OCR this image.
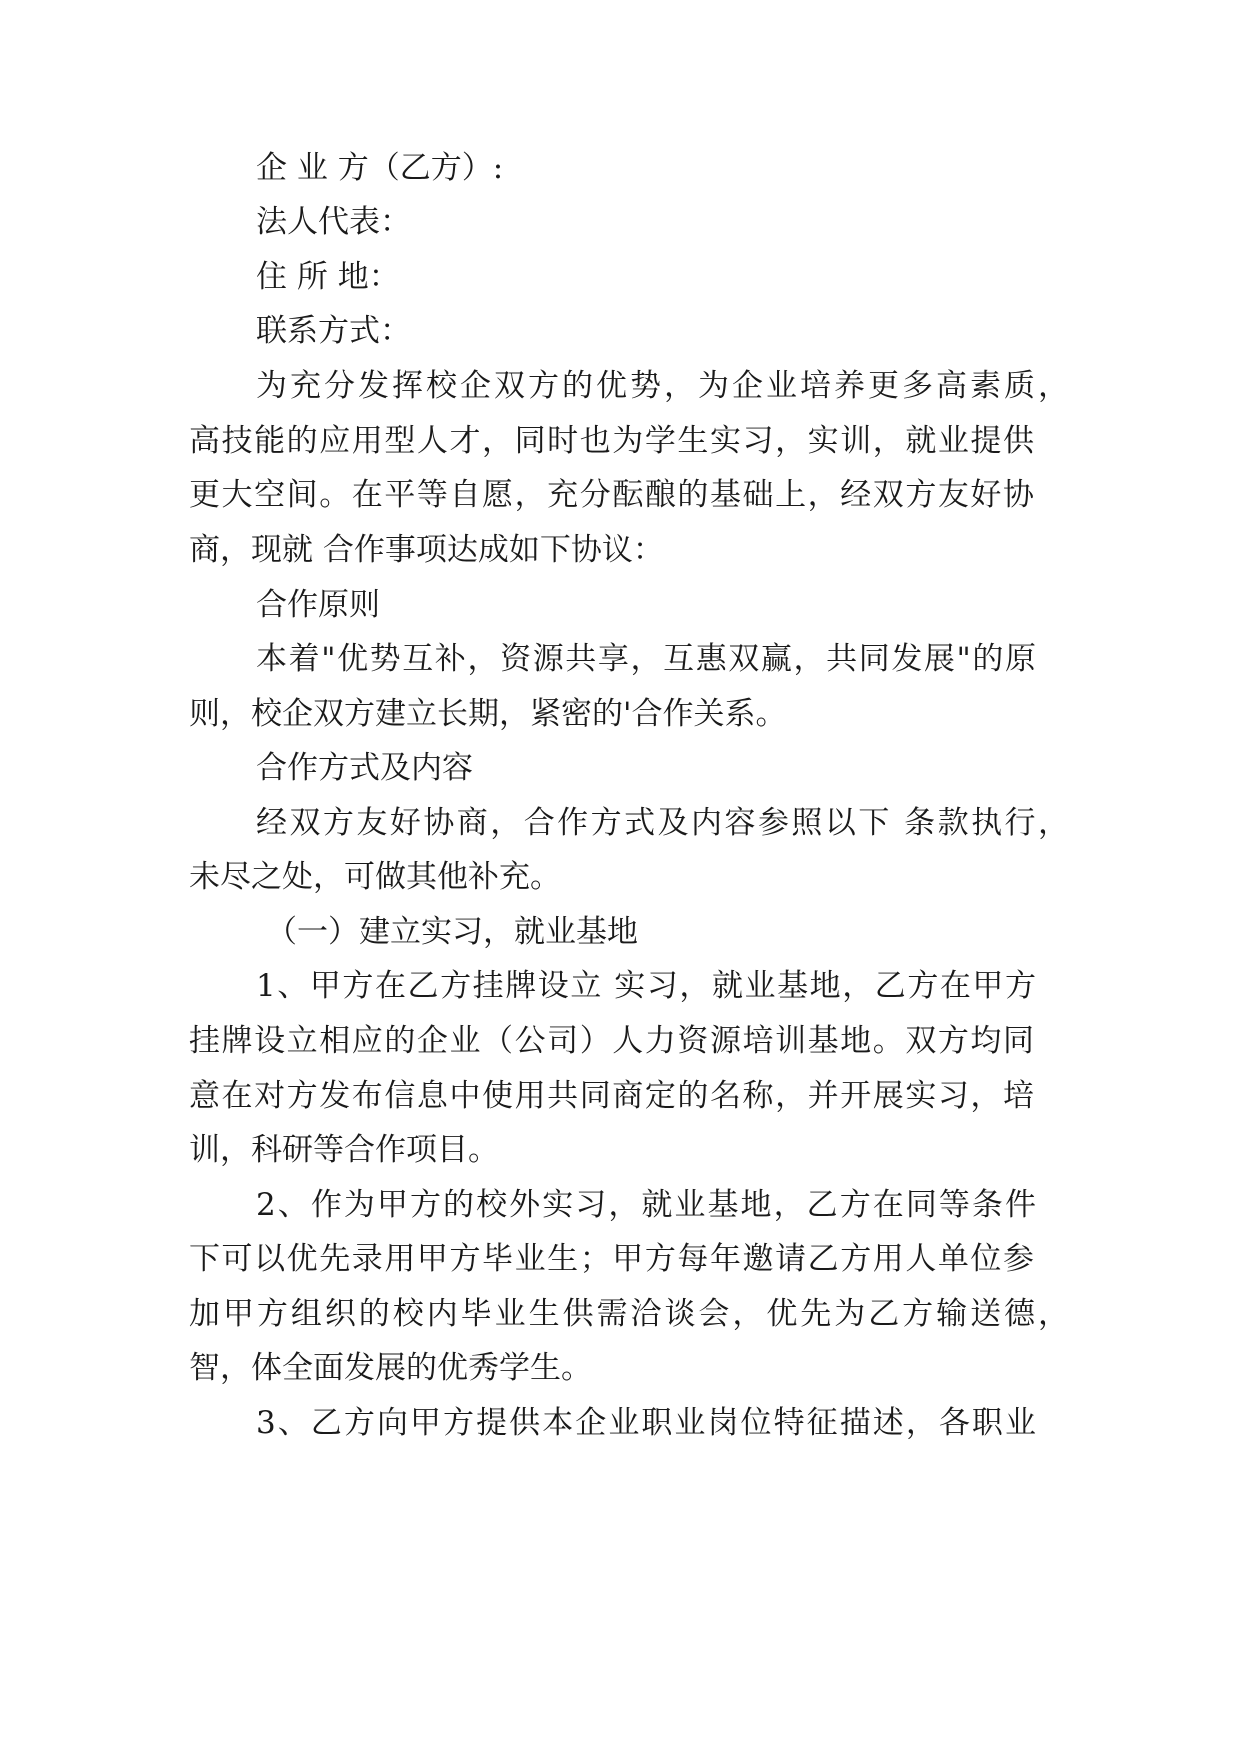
企 业 方（乙方）:
法人代表：
住 所 地：
联系方式：
为充分发挥校企双方的优势，为企业培养更多高素质，
高技能的应用型人才，同时也为学生实习，实训，就业提供
更大空间。在平等自愿，充分酝酿的基础上，经双方友好协
商，现就 合作事项达成如下协议：
合作原则
本着"优势互补，资源共享，互惠双赢，共同发展"的原
则，校企双方建立长期，紧密的'合作关系。
合作方式及内容
经双方友好协商，合作方式及内容参照以下 条款执行，
未尽之处，可做其他补充。
（一）建立实习，就业基地
1、甲方在乙方挂牌设立 实习，就业基地，乙方在甲方
挂牌设立相应的企业（公司）人力资源培训基地。双方均同
意在对方发布信息中使用共同商定的名称，并开展实习，培
训，科研等合作项目。
2、作为甲方的校外实习，就业基地，乙方在同等条件
下可以优先录用甲方毕业生；甲方每年邀请乙方用人单位参
加甲方组织的校内毕业生供需洽谈会，优先为乙方输送德，
智，体全面发展的优秀学生。
3、乙方向甲方提供本企业职业岗位特征描述，各职业
